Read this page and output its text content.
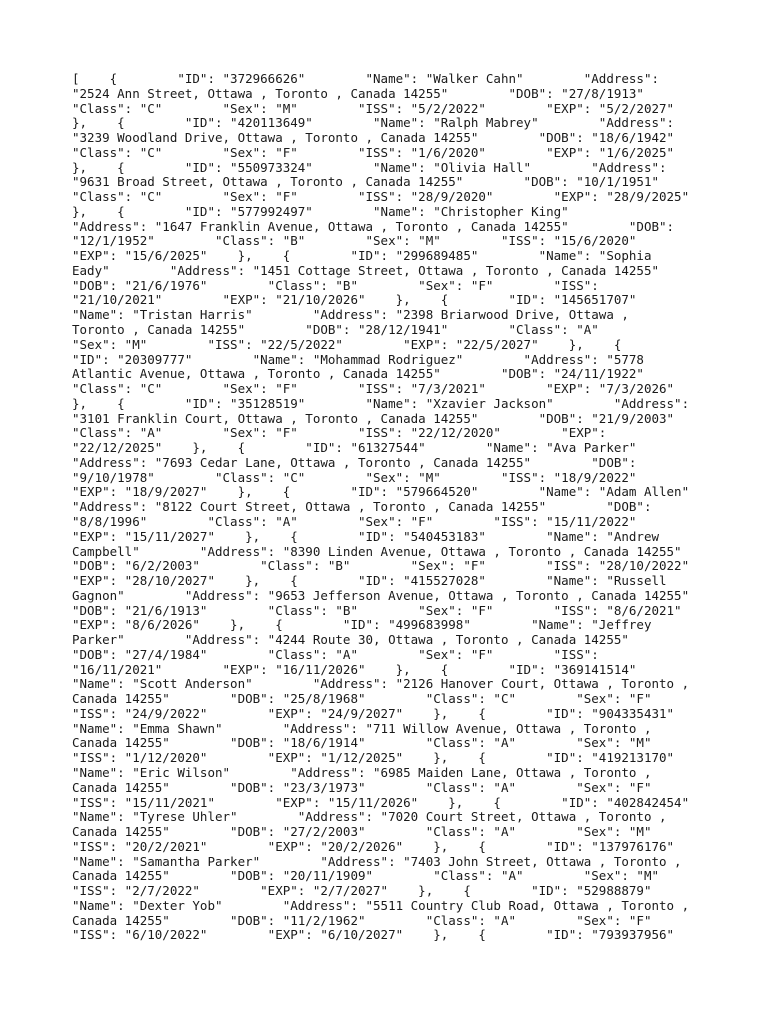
[    {        "ID": "372966626"        "Name": "Walker Cahn"        "Address":
"2524 Ann Street, Ottawa , Toronto , Canada 14255"        "DOB": "27/8/1913"
"Class": "C"        "Sex": "M"        "ISS": "5/2/2022"        "EXP": "5/2/2027"
},    {        "ID": "420113649"        "Name": "Ralph Mabrey"        "Address":
"3239 Woodland Drive, Ottawa , Toronto , Canada 14255"        "DOB": "18/6/1942"
"Class": "C"        "Sex": "F"        "ISS": "1/6/2020"        "EXP": "1/6/2025"
},    {        "ID": "550973324"        "Name": "Olivia Hall"        "Address":
"9631 Broad Street, Ottawa , Toronto , Canada 14255"        "DOB": "10/1/1951"
"Class": "C"        "Sex": "F"        "ISS": "28/9/2020"        "EXP": "28/9/2025"
},    {        "ID": "577992497"        "Name": "Christopher King"
"Address": "1647 Franklin Avenue, Ottawa , Toronto , Canada 14255"        "DOB":
"12/1/1952"        "Class": "B"        "Sex": "M"        "ISS": "15/6/2020"
"EXP": "15/6/2025"    },    {        "ID": "299689485"        "Name": "Sophia
Eady"        "Address": "1451 Cottage Street, Ottawa , Toronto , Canada 14255"
"DOB": "21/6/1976"        "Class": "B"        "Sex": "F"        "ISS":
"21/10/2021"        "EXP": "21/10/2026"    },    {        "ID": "145651707"
"Name": "Tristan Harris"        "Address": "2398 Briarwood Drive, Ottawa ,
Toronto , Canada 14255"        "DOB": "28/12/1941"        "Class": "A"
"Sex": "M"        "ISS": "22/5/2022"        "EXP": "22/5/2027"    },    {
"ID": "20309777"        "Name": "Mohammad Rodriguez"        "Address": "5778
Atlantic Avenue, Ottawa , Toronto , Canada 14255"        "DOB": "24/11/1922"
"Class": "C"        "Sex": "F"        "ISS": "7/3/2021"        "EXP": "7/3/2026"
},    {        "ID": "35128519"        "Name": "Xzavier Jackson"        "Address":
"3101 Franklin Court, Ottawa , Toronto , Canada 14255"        "DOB": "21/9/2003"
"Class": "A"        "Sex": "F"        "ISS": "22/12/2020"        "EXP":
"22/12/2025"    },    {        "ID": "61327544"        "Name": "Ava Parker"
"Address": "7693 Cedar Lane, Ottawa , Toronto , Canada 14255"        "DOB":
"9/10/1978"        "Class": "C"        "Sex": "M"        "ISS": "18/9/2022"
"EXP": "18/9/2027"    },    {        "ID": "579664520"        "Name": "Adam Allen"
"Address": "8122 Court Street, Ottawa , Toronto , Canada 14255"        "DOB":
"8/8/1996"        "Class": "A"        "Sex": "F"        "ISS": "15/11/2022"
"EXP": "15/11/2027"    },    {        "ID": "540453183"        "Name": "Andrew
Campbell"        "Address": "8390 Linden Avenue, Ottawa , Toronto , Canada 14255"
"DOB": "6/2/2003"        "Class": "B"        "Sex": "F"        "ISS": "28/10/2022"
"EXP": "28/10/2027"    },    {        "ID": "415527028"        "Name": "Russell
Gagnon"        "Address": "9653 Jefferson Avenue, Ottawa , Toronto , Canada 14255"
"DOB": "21/6/1913"        "Class": "B"        "Sex": "F"        "ISS": "8/6/2021"
"EXP": "8/6/2026"    },    {        "ID": "499683998"        "Name": "Jeffrey
Parker"        "Address": "4244 Route 30, Ottawa , Toronto , Canada 14255"
"DOB": "27/4/1984"        "Class": "A"        "Sex": "F"        "ISS":
"16/11/2021"        "EXP": "16/11/2026"    },    {        "ID": "369141514"
"Name": "Scott Anderson"        "Address": "2126 Hanover Court, Ottawa , Toronto ,
Canada 14255"        "DOB": "25/8/1968"        "Class": "C"        "Sex": "F"
"ISS": "24/9/2022"        "EXP": "24/9/2027"    },    {        "ID": "904335431"
"Name": "Emma Shawn"        "Address": "711 Willow Avenue, Ottawa , Toronto ,
Canada 14255"        "DOB": "18/6/1914"        "Class": "A"        "Sex": "M"
"ISS": "1/12/2020"        "EXP": "1/12/2025"    },    {        "ID": "419213170"
"Name": "Eric Wilson"        "Address": "6985 Maiden Lane, Ottawa , Toronto ,
Canada 14255"        "DOB": "23/3/1973"        "Class": "A"        "Sex": "F"
"ISS": "15/11/2021"        "EXP": "15/11/2026"    },    {        "ID": "402842454"
"Name": "Tyrese Uhler"        "Address": "7020 Court Street, Ottawa , Toronto ,
Canada 14255"        "DOB": "27/2/2003"        "Class": "A"        "Sex": "M"
"ISS": "20/2/2021"        "EXP": "20/2/2026"    },    {        "ID": "137976176"
"Name": "Samantha Parker"        "Address": "7403 John Street, Ottawa , Toronto ,
Canada 14255"        "DOB": "20/11/1909"        "Class": "A"        "Sex": "M"
"ISS": "2/7/2022"        "EXP": "2/7/2027"    },    {        "ID": "52988879"
"Name": "Dexter Yob"        "Address": "5511 Country Club Road, Ottawa , Toronto ,
Canada 14255"        "DOB": "11/2/1962"        "Class": "A"        "Sex": "F"
"ISS": "6/10/2022"        "EXP": "6/10/2027"    },    {        "ID": "793937956"
